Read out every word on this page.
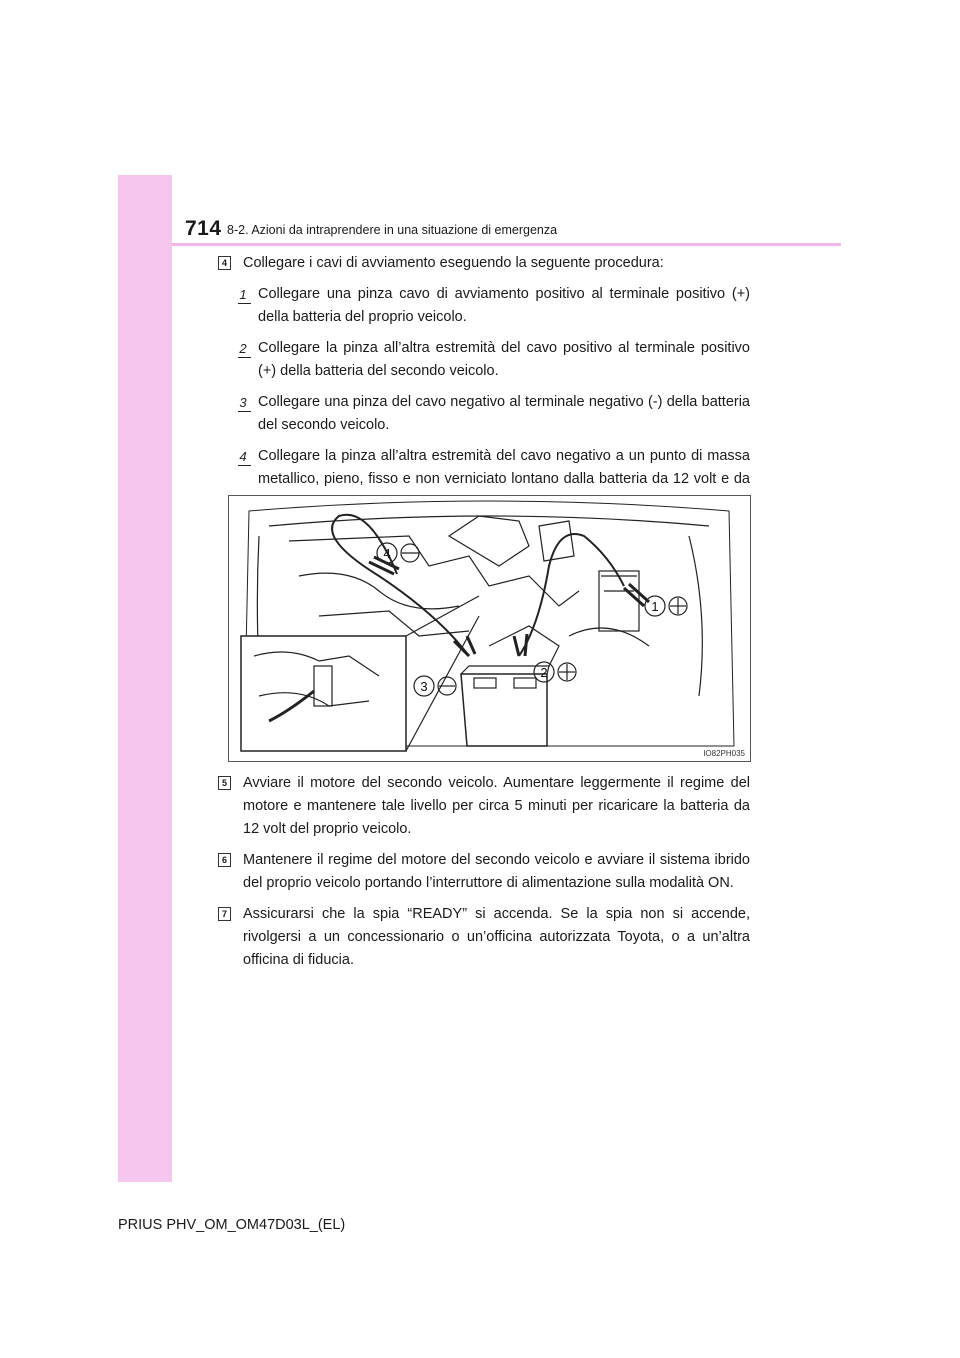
714 8-2. Azioni da intraprendere in una situazione di emergenza
4 Collegare i cavi di avviamento eseguendo la seguente procedura:
1 Collegare una pinza cavo di avviamento positivo al terminale positivo (+) della batteria del proprio veicolo.
2 Collegare la pinza all’altra estremità del cavo positivo al terminale positivo (+) della batteria del secondo veicolo.
3 Collegare una pinza del cavo negativo al terminale negativo (-) della batteria del secondo veicolo.
4 Collegare la pinza all’altra estremità del cavo negativo a un punto di massa metallico, pieno, fisso e non verniciato lontano dalla batteria da 12 volt e da
1
2
3
4
IO82PH035
5 Avviare il motore del secondo veicolo. Aumentare leggermente il regime del motore e mantenere tale livello per circa 5 minuti per ricaricare la batteria da 12 volt del proprio veicolo.
6 Mantenere il regime del motore del secondo veicolo e avviare il sistema ibrido del proprio veicolo portando l’interruttore di alimentazione sulla modalità ON.
7 Assicurarsi che la spia “READY” si accenda. Se la spia non si accende, rivolgersi a un concessionario o un’officina autorizzata Toyota, o a un’altra officina di fiducia.
PRIUS PHV_OM_OM47D03L_(EL)
